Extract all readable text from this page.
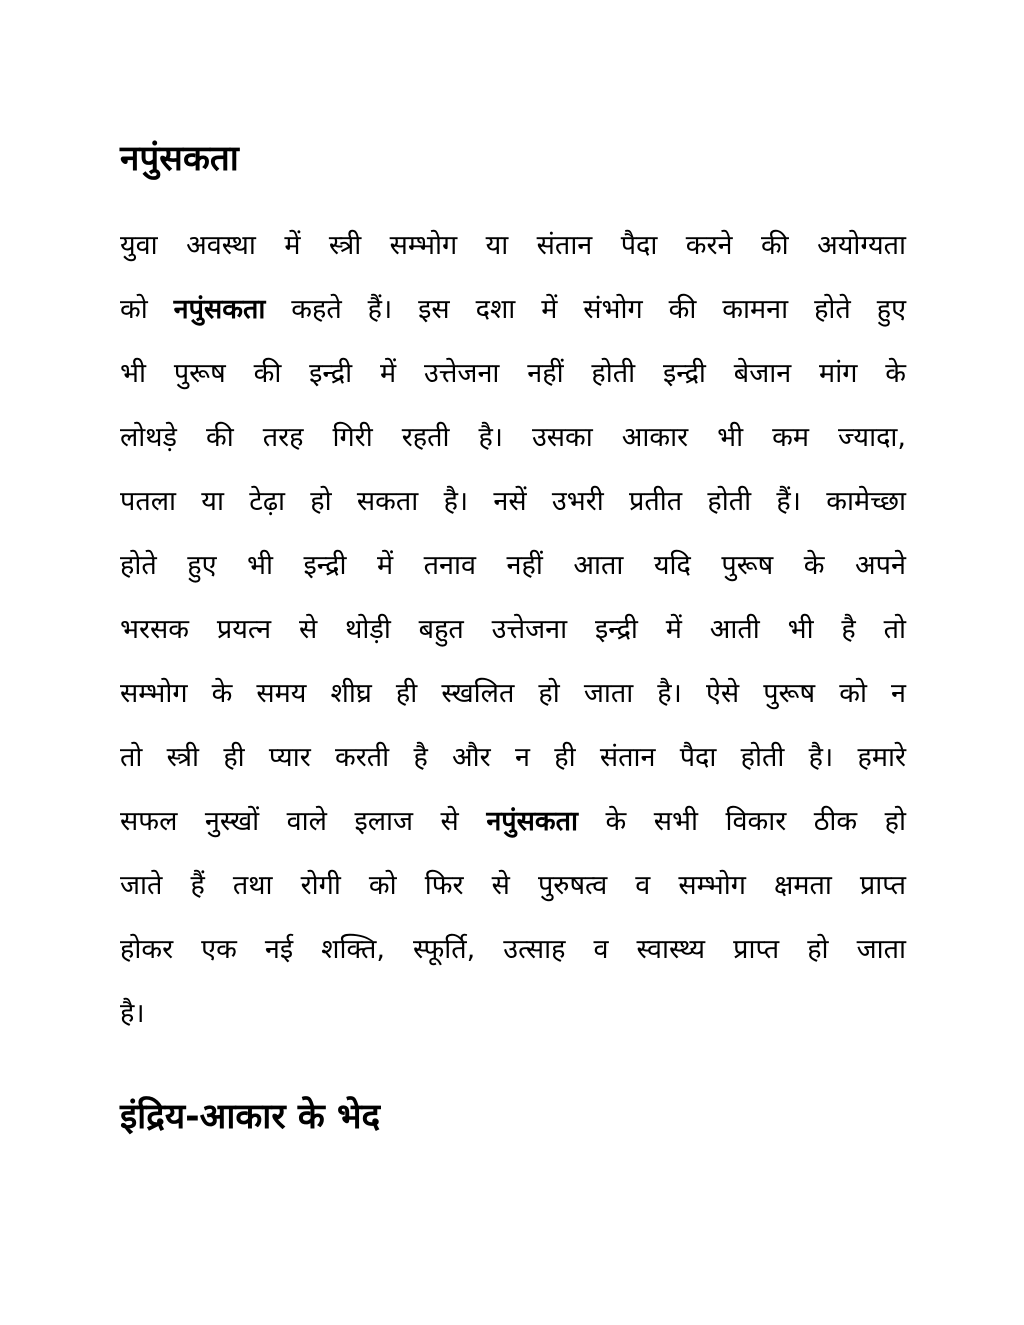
नपुंसकता
युवा अवस्था में स्त्री सम्भोग या संतान पैदा करने की अयोग्यता
को नपुंसकता कहते हैं। इस दशा में संभोग की कामना होते हुए
भी पुरूष की इन्द्री में उत्तेजना नहीं होती इन्द्री बेजान मांग के
लोथड़े की तरह गिरी रहती है। उसका आकार भी कम ज्यादा,
पतला या टेढ़ा हो सकता है। नसें उभरी प्रतीत होती हैं। कामेच्छा
होते हुए भी इन्द्री में तनाव नहीं आता यदि पुरूष के अपने
भरसक प्रयत्न से थोड़ी बहुत उत्तेजना इन्द्री में आती भी है तो
सम्भोग के समय शीघ्र ही स्खलित हो जाता है। ऐसे पुरूष को न
तो स्त्री ही प्यार करती है और न ही संतान पैदा होती है। हमारे
सफल नुस्खों वाले इलाज से नपुंसकता के सभी विकार ठीक हो
जाते हैं तथा रोगी को फिर से पुरुषत्व व सम्भोग क्षमता प्राप्त
होकर एक नई शक्ति, स्फूर्ति, उत्साह व स्वास्थ्य प्राप्त हो जाता
है।
इंद्रिय-आकार के भेद
